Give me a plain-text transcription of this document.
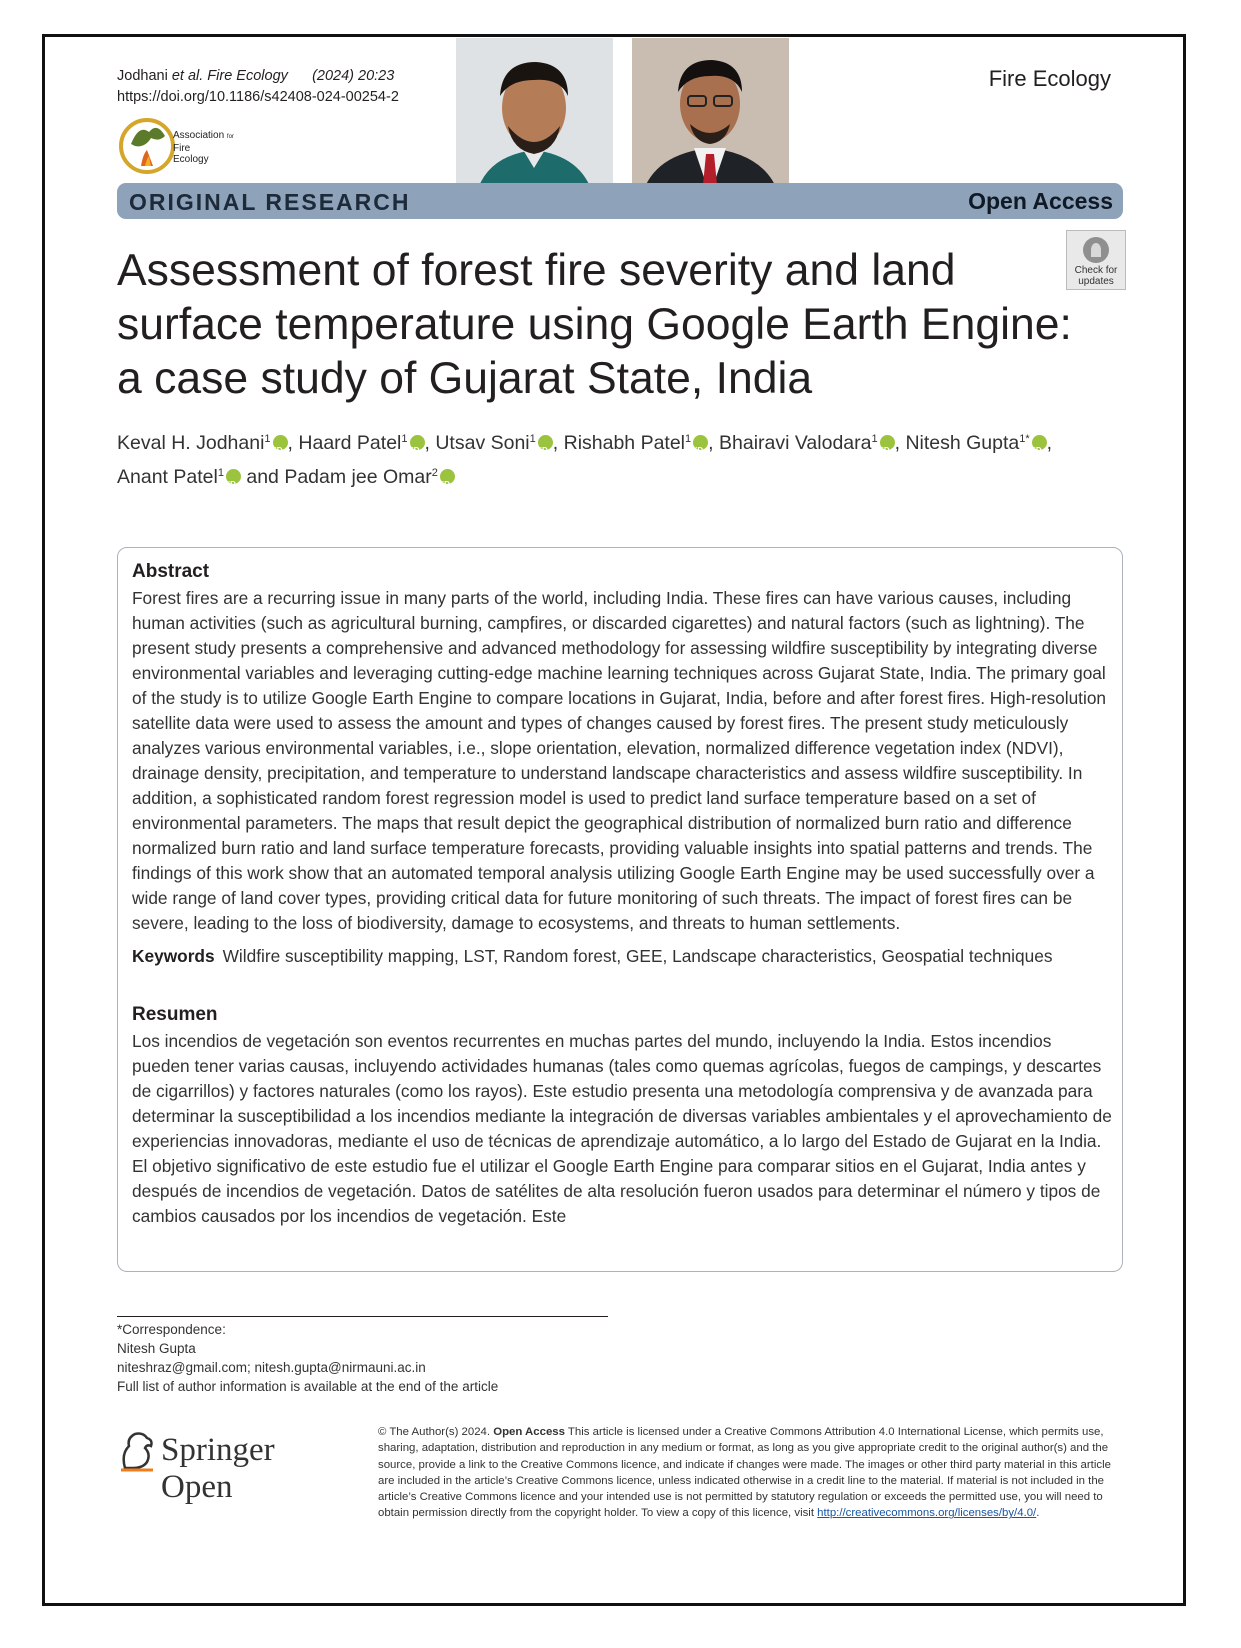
Jodhani et al. Fire Ecology (2024) 20:23
https://doi.org/10.1186/s42408-024-00254-2
Fire Ecology
Association for
Fire
Ecology
ORIGINAL RESEARCH	Open Access
Check for
updates
Assessment of forest fire severity and land surface temperature using Google Earth Engine: a case study of Gujarat State, India
Keval H. Jodhani$^1$ iD , Haard Patel$^1$ iD , Utsav Soni$^1$ iD , Rishabh Patel$^1$ iD , Bhairavi Valodara$^1$ iD , Nitesh Gupta$^{1*}$ iD ,
Anant Patel$^1$iD and Padam jee Omar$^2$iD

Abstract

Forest fires are a recurring issue in many parts of the world, including India. These fires can have various causes, including human activities (such as agricultural burning, campfires, or discarded cigarettes) and natural factors (such as lightning). The present study presents a comprehensive and advanced methodology for assessing wildfire susceptibility by integrating diverse environmental variables and leveraging cutting-edge machine learning techniques across Gujarat State, India. The primary goal of the study is to utilize Google Earth Engine to compare locations in Gujarat, India, before and after forest fires. High-resolution satellite data were used to assess the amount and types of changes caused by forest fires. The present study meticulously analyzes various environmental variables, i.e., slope orientation, elevation, normalized difference vegetation index (NDVI), drainage density, precipitation, and temperature to understand landscape characteristics and assess wildfire susceptibility. In addition, a sophisticated random forest regression model is used to predict land surface temperature based on a set of environmental parameters. The maps that result depict the geographical distribution of normalized burn ratio and difference normalized burn ratio and land surface temperature forecasts, providing valuable insights into spatial patterns and trends. The findings of this work show that an automated temporal analysis utilizing Google Earth Engine may be used successfully over a wide range of land cover types, providing critical data for future monitoring of such threats. The impact of forest fires can be severe, leading to the loss of biodiversity, damage to ecosystems, and threats to human settlements.

Keywords Wildfire susceptibility mapping, LST, Random forest, GEE, Landscape characteristics, Geospatial techniques

Resumen

Los incendios de vegetación son eventos recurrentes en muchas partes del mundo, incluyendo la India. Estos incendios pueden tener varias causas, incluyendo actividades humanas (tales como quemas agrícolas, fuegos de campings, y descartes de cigarrillos) y factores naturales (como los rayos). Este estudio presenta una metodología comprensiva y de avanzada para determinar la susceptibilidad a los incendios mediante la integración de diversas variables ambientales y el aprovechamiento de experiencias innovadoras, mediante el uso de técnicas de aprendizaje automático, a lo largo del Estado de Gujarat en la India. El objetivo significativo de este estudio fue el utilizar el Google Earth Engine para comparar sitios en el Gujarat, India antes y después de incendios de vegetación. Datos de satélites de alta resolución fueron usados para determinar el número y tipos de cambios causados por los incendios de vegetación. Este

*Correspondence:
Nitesh Gupta
niteshraz@gmail.com; nitesh.gupta@nirmauni.ac.in
Full list of author information is available at the end of the article
Springer Open
© The Author(s) 2024. Open Access This article is licensed under a Creative Commons Attribution 4.0 International License, which permits use, sharing, adaptation, distribution and reproduction in any medium or format, as long as you give appropriate credit to the original author(s) and the source, provide a link to the Creative Commons licence, and indicate if changes were made. The images or other third party material in this article are included in the article’s Creative Commons licence, unless indicated otherwise in a credit line to the material. If material is not included in the article’s Creative Commons licence and your intended use is not permitted by statutory regulation or exceeds the permitted use, you will need to obtain permission directly from the copyright holder. To view a copy of this licence, visit http://creativecommons.org/licenses/by/4.0/.
